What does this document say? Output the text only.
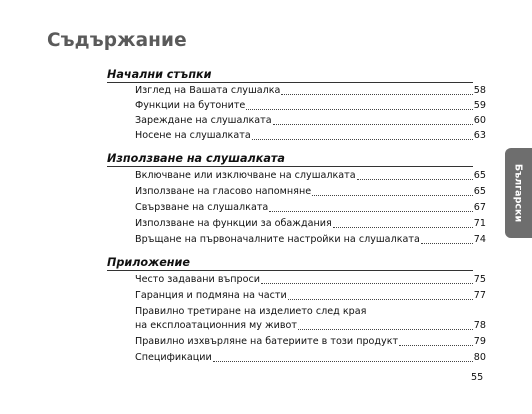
Съдържание
Начални стъпки
Изглед на Вашата слушалка	58
Функции на бутоните	59
Зареждане на слушалката	60
Носене на слушалката	63
Използване на слушалката
Включване или изключване на слушалката	65
Използване на гласово напомняне	65
Свързване на слушалката	67
Използване на функции за обаждания	71
Връщане на първоначалните настройки на слушалката	74
Приложение
Често задавани въпроси	75
Гаранция и подмяна на части	77
Правилно третиране на изделието след края
на експлоатационния му живот	78
Правилно изхвърляне на батериите в този продукт	79
Спецификации	80
Български
55
